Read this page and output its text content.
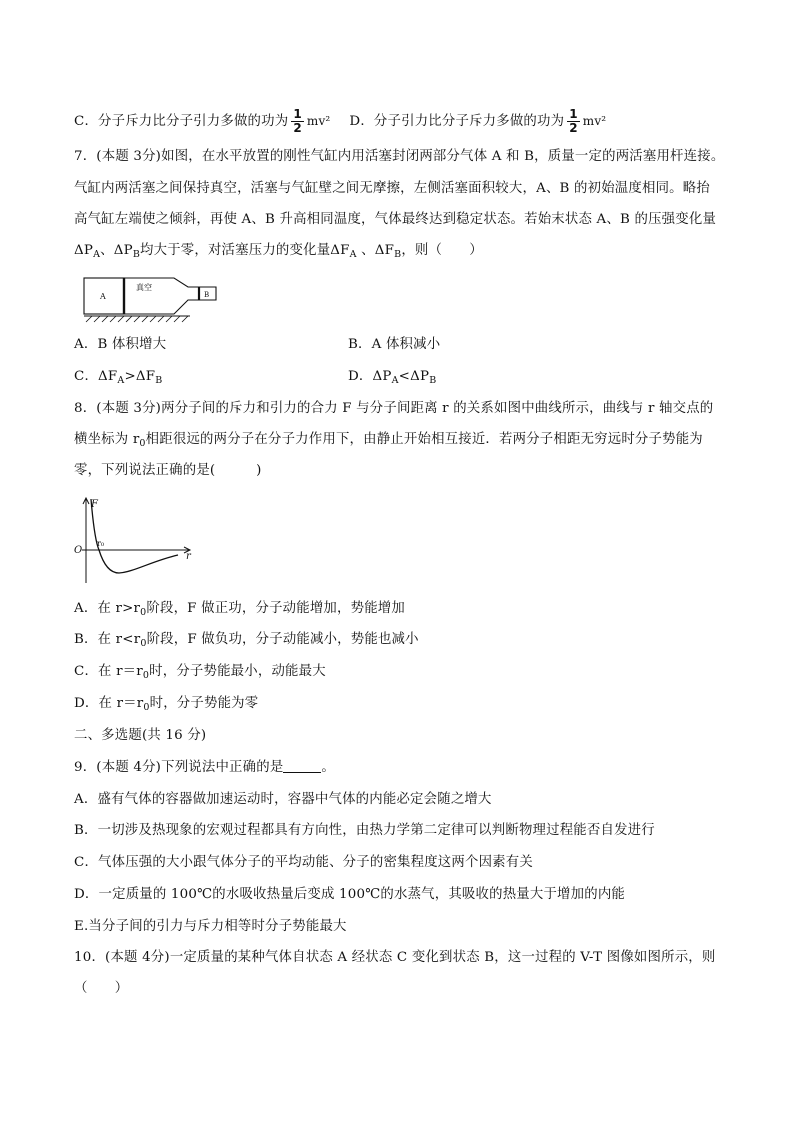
C．分子斥力比分子引力多做的功为 $\frac{1}{2} mv^2$ D．分子引力比分子斥力多做的功为 $\frac{1}{2} mv^2$
7．(本题 3分)如图，在水平放置的刚性气缸内用活塞封闭两部分气体 A 和 B，质量一定的两活塞用杆连接。
气缸内两活塞之间保持真空，活塞与气缸壁之间无摩擦，左侧活塞面积较大，A、B 的初始温度相同。略抬
高气缸左端使之倾斜，再使 A、B 升高相同温度，气体最终达到稳定状态。若始末状态 A、B 的压强变化量
$\Delta P_A$、$\Delta P_B$均大于零，对活塞压力的变化量$\Delta F_A$ 、$\Delta F_B$，则（　　）
A
真空
B
A．B 体积增大	B．A 体积减小
C．$\Delta F_A>\Delta F_B$	D．$\Delta P_A<\Delta P_B$
8．(本题 3分)两分子间的斥力和引力的合力 F 与分子间距离 r 的关系如图中曲线所示，曲线与 r 轴交点的
横坐标为 $r_0$相距很远的两分子在分子力作用下，由静止开始相互接近．若两分子相距无穷远时分子势能为
零，下列说法正确的是(　　　)
F
O
r₀
r
A．在 $r>r_0$阶段，F 做正功，分子动能增加，势能增加
B．在 $r<r_0$阶段，F 做负功，分子动能减小，势能也减小
C．在 $r=r_0$时，分子势能最小，动能最大
D．在 $r=r_0$时，分子势能为零
二、多选题(共 16 分)
9．(本题 4分)下列说法中正确的是	。
A．盛有气体的容器做加速运动时，容器中气体的内能必定会随之增大
B．一切涉及热现象的宏观过程都具有方向性，由热力学第二定律可以判断物理过程能否自发进行
C．气体压强的大小跟气体分子的平均动能、分子的密集程度这两个因素有关
D．一定质量的 100℃的水吸收热量后变成 100℃的水蒸气，其吸收的热量大于增加的内能
E.当分子间的引力与斥力相等时分子势能最大
10．(本题 4分)一定质量的某种气体自状态 A 经状态 C 变化到状态 B，这一过程的 V-T 图像如图所示，则
（　　）
